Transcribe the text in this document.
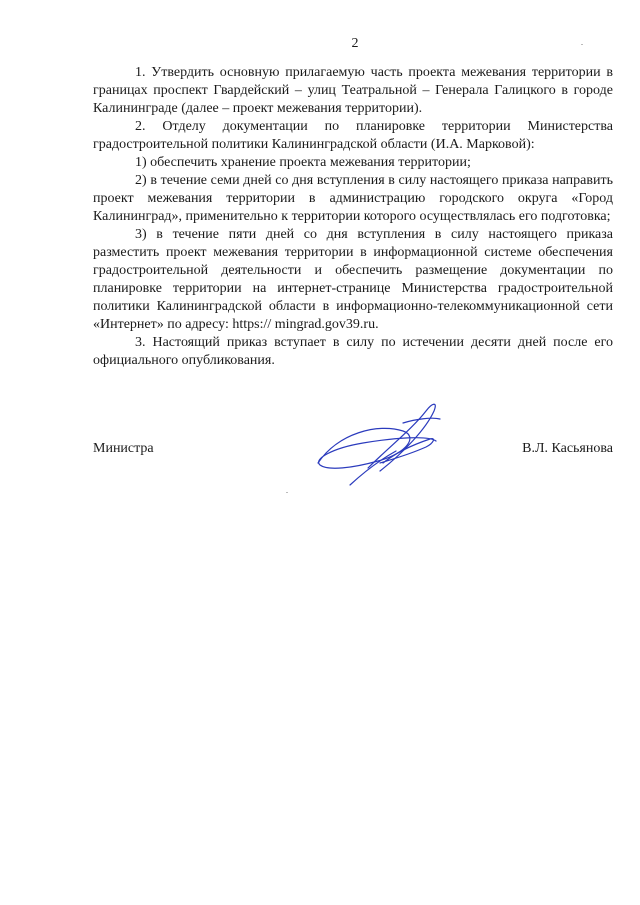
2

1. Утвердить основную прилагаемую часть проекта межевания территории в границах проспект Гвардейский – улиц Театральной – Генерала Галицкого в городе Калининграде (далее – проект межевания территории).

2. Отделу документации по планировке территории Министерства градостроительной политики Калининградской области (И.А. Марковой):

1) обеспечить хранение проекта межевания территории;

2) в течение семи дней со дня вступления в силу настоящего приказа направить проект межевания территории в администрацию городского округа «Город Калининград», применительно к территории которого осуществлялась его подготовка;

3) в течение пяти дней со дня вступления в силу настоящего приказа разместить проект межевания территории в информационной системе обеспечения градостроительной деятельности и обеспечить размещение документации по планировке территории на интернет-странице Министерства градостроительной политики Калининградской области в информационно-телекоммуникационной сети «Интернет» по адресу: https:// mingrad.gov39.ru.

3. Настоящий приказ вступает в силу по истечении десяти дней после его официального опубликования.

Министра	В.Л. Касьянова
